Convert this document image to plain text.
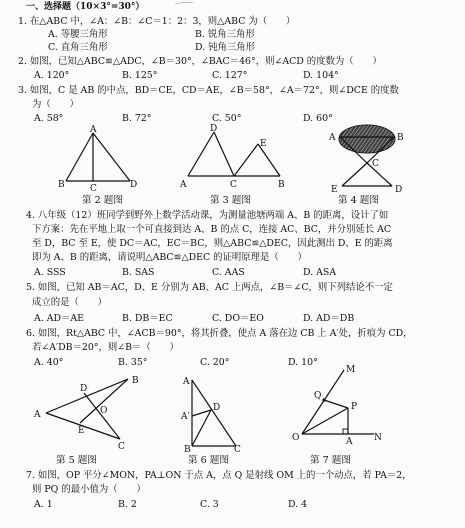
一、选择题（10×3°=30°）	…——
1. 在△ABC 中，∠A：∠B：∠C＝1：2：3，则△ABC 为（　　）
A. 等腰三角形	B. 锐角三角形
C. 直角三角形	D. 钝角三角形
2. 如图，已知△ABC≌△ADC，∠B＝30°，∠BAC＝46°，则∠ACD 的度数为（　　）
A. 120°	B. 125°	C. 127°	D. 104°
3. 如图，C 是 AB 的中点，BD＝CE，CD＝AE，∠B＝58°，∠A＝72°，则∠DCE 的度数
为（　　）
A. 58°	B. 72°	C. 50°	D. 60°
A
B	C	D
第 2 题图
D
E
A	C	B
第 3 题图
A	B
C
E	D
第 4 题图
4. 八年级（12）班同学到野外上数学活动课，为测量池塘两端 A、B 的距离，设计了如
下方案：先在平地上取一个可直接到达 A、B 的点 C，连接 AC、BC，并分别延长 AC
至 D，BC 至 E，使 DC＝AC，EC＝BC，则△ABC≌△DEC，因此测出 D、E 的距离
即为 A、B 的距离，请说明△ABC≌△DEC 的证明原理是（　　）
A. SSS	B. SAS	C. AAS	D. ASA
5. 如图，已知 AB＝AC，D、E 分别为 AB、AC 上两点，∠B＝∠C，则下列结论不一定
成立的是（　　）
A. AD＝AE	B. DB＝EC	C. DO＝EO	D. AD＝DB
6. 如图，Rt△ABC 中，∠ACB＝90°，将其折叠，使点 A 落在边 CB 上 A′处，折痕为 CD，
若∠A′DB＝20°，则∠B＝（　　）
A. 40°	B. 35°	C. 20°	D. 10°
B
D
O
A
E
C
第 5 题图
A
A′
D
B	C
第 6 题图
M
Q
P
O	A N
第 7 题图
7. 如图，OP 平分∠MON，PA⊥ON 于点 A，点 Q 是射线 OM 上的一个动点，若 PA＝2，
则 PQ 的最小值为（　　）
A. 1	B. 2	C. 3	D. 4
